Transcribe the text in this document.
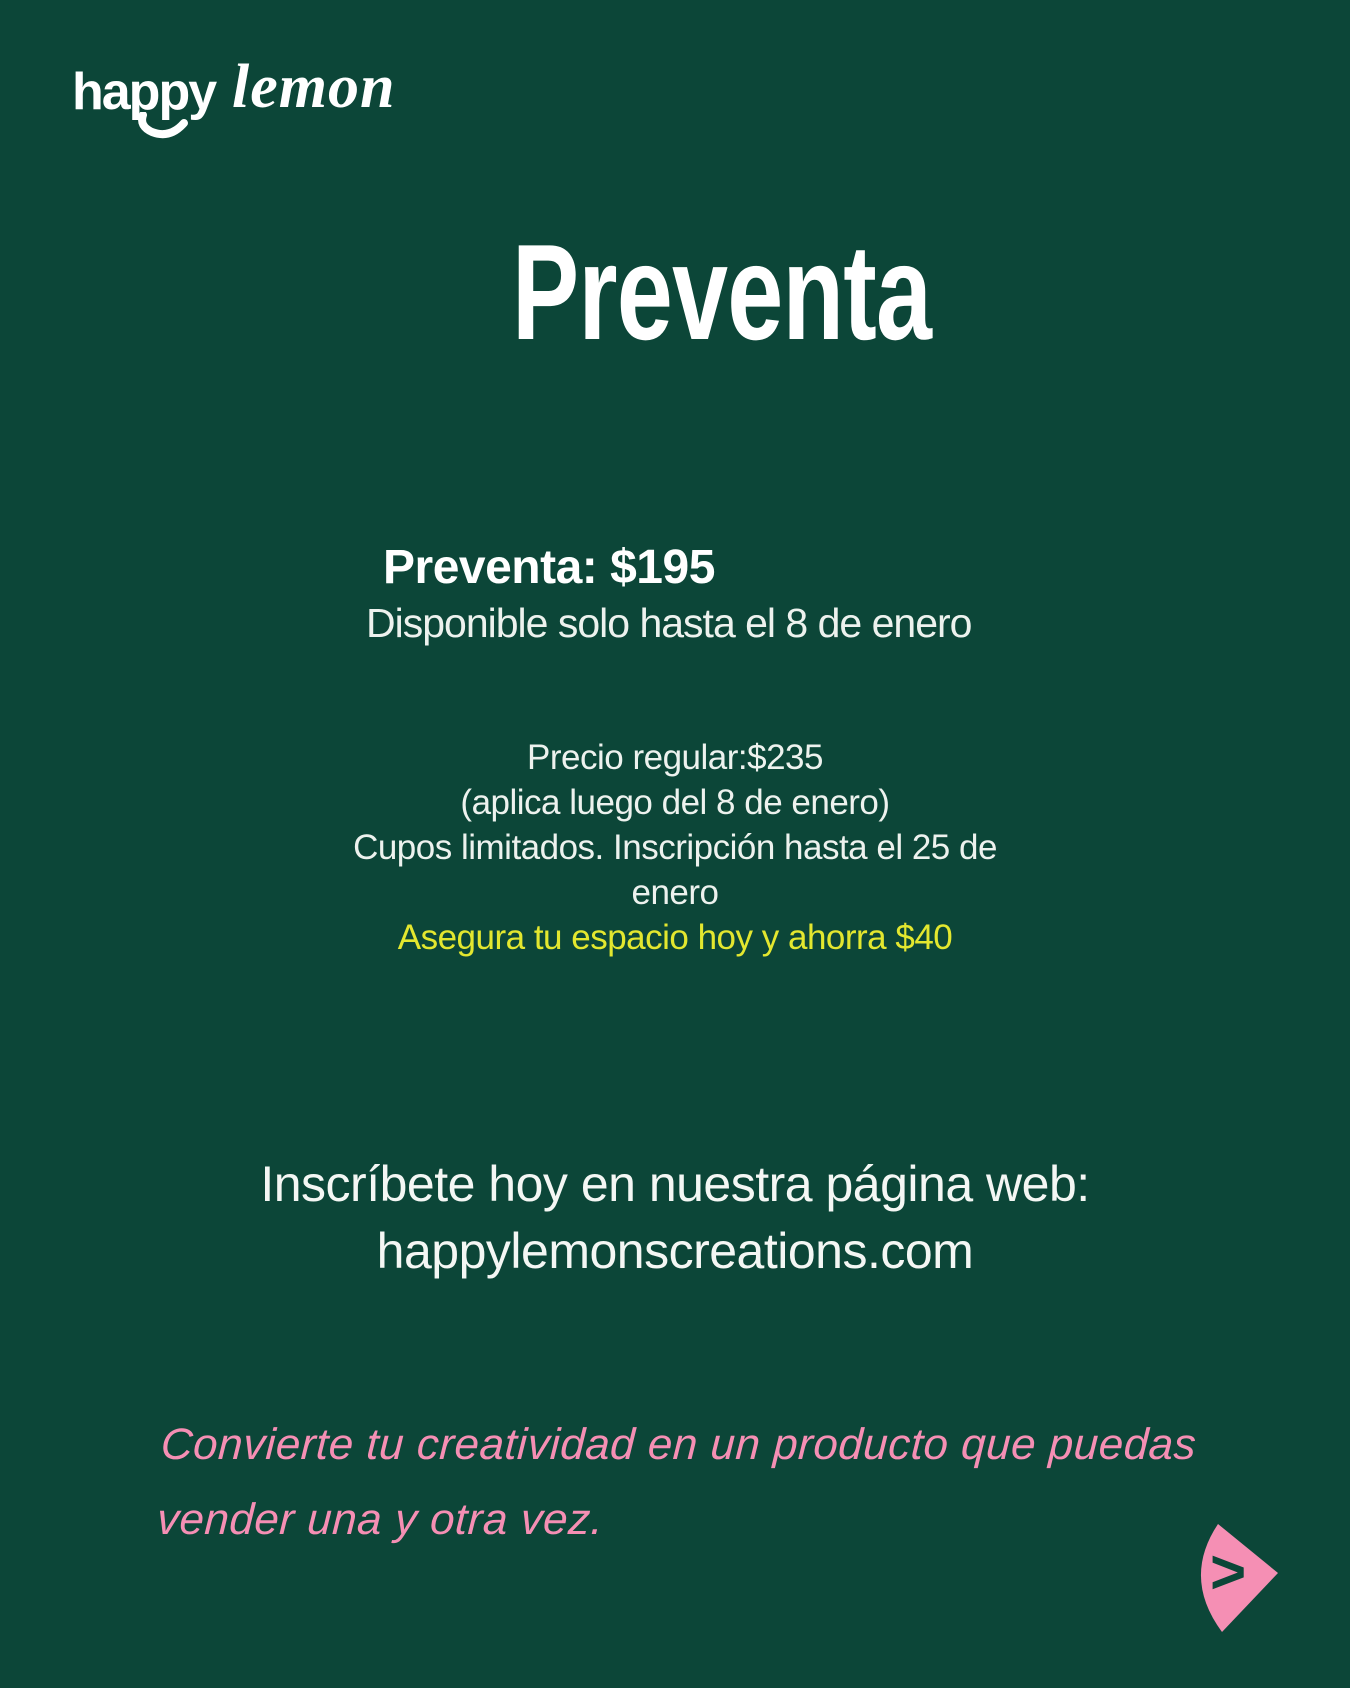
happy lemon
Preventa
Preventa: $195
Disponible solo hasta el 8 de enero
Precio regular:$235
(aplica luego del 8 de enero)
Cupos limitados. Inscripción hasta el 25 de
enero
Asegura tu espacio hoy y ahorra $40
Inscríbete hoy en nuestra página web:
happylemonscreations.com
Convierte tu creatividad en un producto que puedas
vender una y otra vez.
>
